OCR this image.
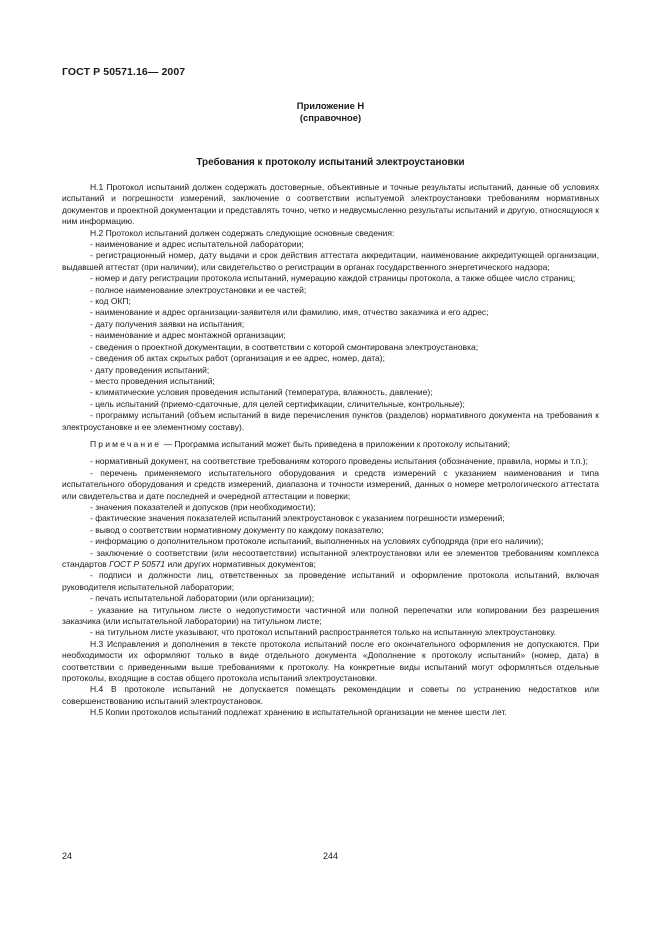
ГОСТ Р 50571.16— 2007
Приложение Н
(справочное)
Требования к протоколу испытаний электроустановки

Н.1 Протокол испытаний должен содержать достоверные, объективные и точные результаты испытаний, данные об условиях испытаний и погрешности измерений, заключение о соответствии испытуемой электроустановки требованиям нормативных документов и проектной документации и представлять точно, четко и недвусмысленно результаты испытаний и другую, относящуюся к ним информацию.

Н.2 Протокол испытаний должен содержать следующие основные сведения:

- наименование и адрес испытательной лаборатории;

- регистрационный номер, дату выдачи и срок действия аттестата аккредитации, наименование аккредитующей организации, выдавшей аттестат (при наличии), или свидетельство о регистрации в органах государственного энергетического надзора;

- номер и дату регистрации протокола испытаний, нумерацию каждой страницы протокола, а также общее число страниц;

- полное наименование электроустановки и ее частей;

- код ОКП;

- наименование и адрес организации-заявителя или фамилию, имя, отчество заказчика и его адрес;

- дату получения заявки на испытания;

- наименование и адрес монтажной организации;

- сведения о проектной документации, в соответствии с которой смонтирована электроустановка;

- сведения об актах скрытых работ (организация и ее адрес, номер, дата);

- дату проведения испытаний;

- место проведения испытаний;

- климатические условия проведения испытаний (температура, влажность, давление);

- цель испытаний (приемо-сдаточные, для целей сертификации, сличительные, контрольные);

- программу испытаний (объем испытаний в виде перечисления пунктов (разделов) нормативного документа на требования к электроустановке и ее элементному составу).

Примечание — Программа испытаний может быть приведена в приложении к протоколу испытаний;

- нормативный документ, на соответствие требованиям которого проведены испытания (обозначение, правила, нормы и т.п.);

- перечень применяемого испытательного оборудования и средств измерений с указанием наименования и типа испытательного оборудования и средств измерений, диапазона и точности измерений, данных о номере метрологического аттестата или свидетельства и дате последней и очередной аттестации и поверки;

- значения показателей и допусков (при необходимости);

- фактические значения показателей испытаний электроустановок с указанием погрешности измерений;

- вывод о соответствии нормативному документу по каждому показателю;

- информацию о дополнительном протоколе испытаний, выполненных на условиях субподряда (при его наличии);

- заключение о соответствии (или несоответствии) испытанной электроустановки или ее элементов требованиям комплекса стандартов ГОСТ Р 50571 или других нормативных документов;

- подписи и должности лиц, ответственных за проведение испытаний и оформление протокола испытаний, включая руководителя испытательной лаборатории;

- печать испытательной лаборатории (или организации);

- указание на титульном листе о недопустимости частичной или полной перепечатки или копировании без разрешения заказчика (или испытательной лаборатории) на титульном листе;

- на титульном листе указывают, что протокол испытаний распространяется только на испытанную электроустановку.

Н.3 Исправления и дополнения в тексте протокола испытаний после его окончательного оформления не допускаются. При необходимости их оформляют только в виде отдельного документа «Дополнение к протоколу испытаний» (номер, дата) в соответствии с приведенными выше требованиями к протоколу. На конкретные виды испытаний могут оформляться отдельные протоколы, входящие в состав общего протокола испытаний электроустановки.

Н.4 В протоколе испытаний не допускается помещать рекомендации и советы по устранению недостатков или совершенствованию испытаний электроустановок.

Н.5 Копии протоколов испытаний подлежат хранению в испытательной организации не менее шести лет.

24	244
